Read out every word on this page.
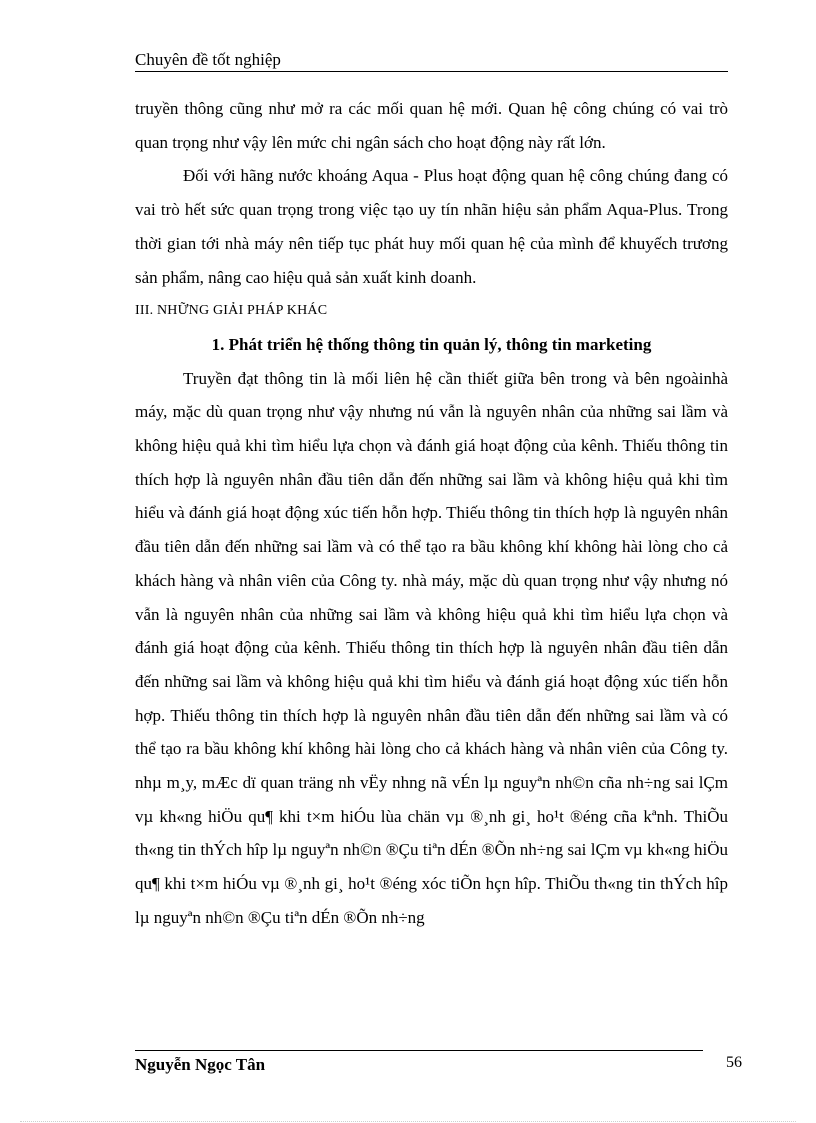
Chuyên đề tốt nghiệp

truyền thông cũng như mở ra các mối quan hệ mới. Quan hệ công chúng có vai trò quan trọng như vậy lên mức chi ngân sách cho hoạt động này rất lớn.

Đối với hãng nước khoáng Aqua - Plus hoạt động quan hệ công chúng đang có vai trò hết sức quan trọng trong việc tạo uy tín nhãn hiệu sản phẩm Aqua-Plus. Trong thời gian tới nhà máy nên tiếp tục phát huy mối quan hệ của mình để khuyếch trương sản phẩm, nâng cao hiệu quả sản xuất kinh doanh.

III. NHỮNG GIẢI PHÁP KHÁC

1. Phát triển hệ thống thông tin quản lý, thông tin marketing

Truyền đạt thông tin là mối liên hệ cần thiết giữa bên trong và bên ngoàinhà máy, mặc dù quan trọng như vậy nhưng nú vẫn là nguyên nhân của những sai lầm và không hiệu quả khi tìm hiểu lựa chọn và đánh giá hoạt động của kênh. Thiếu thông tin thích hợp là nguyên nhân đầu tiên dẫn đến những sai lầm và không hiệu quả khi tìm hiểu và đánh giá hoạt động xúc tiến hỗn hợp. Thiếu thông tin thích hợp là nguyên nhân đầu tiên dẫn đến những sai lầm và có thể tạo ra bầu không khí không hài lòng cho cả khách hàng và nhân viên của Công ty. nhà máy, mặc dù quan trọng như vậy nhưng nó vẫn là nguyên nhân của những sai lầm và không hiệu quả khi tìm hiểu lựa chọn và đánh giá hoạt động của kênh. Thiếu thông tin thích hợp là nguyên nhân đầu tiên dẫn đến những sai lầm và không hiệu quả khi tìm hiểu và đánh giá hoạt động xúc tiến hỗn hợp. Thiếu thông tin thích hợp là nguyên nhân đầu tiên dẫn đến những sai lầm và có thể tạo ra bầu không khí không hài lòng cho cả khách hàng và nhân viên của Công ty. nhµ m¸y, mÆc dï quan träng nh vËy nhng nã vÉn lµ nguyªn nh©n cña nh÷ng sai lÇm vµ kh«ng hiÖu qu¶ khi t×m hiÓu lùa chän vµ ®¸nh gi¸ ho¹t ®éng cña kªnh. ThiÕu th«ng tin thÝch hîp lµ nguyªn nh©n ®Çu tiªn dÉn ®Õn nh÷ng sai lÇm vµ kh«ng hiÖu qu¶ khi t×m hiÓu vµ ®¸nh gi¸ ho¹t ®éng xóc tiÕn hçn hîp. ThiÕu th«ng tin thÝch hîp lµ nguyªn nh©n ®Çu tiªn dÉn ®Õn nh÷ng

Nguyễn Ngọc Tân	56
